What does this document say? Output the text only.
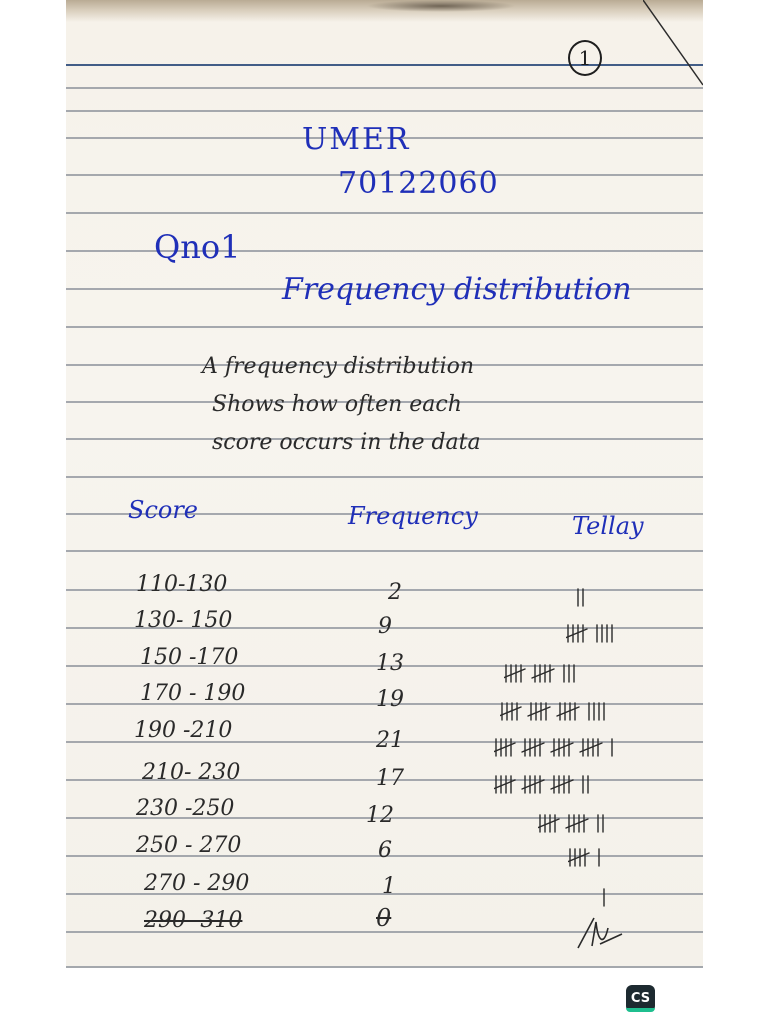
1
UMER
70122060
Qno1
Frequency distribution
A frequency distribution
Shows how often each
score occurs in the data
Score	Frequency	Tellay
110-130
130- 150
150 -170
170 - 190
190 -210
210- 230
230 -250
250 - 270
270 - 290
290- 310
2
9
13
19
21
17
12
6
1
0
CS
